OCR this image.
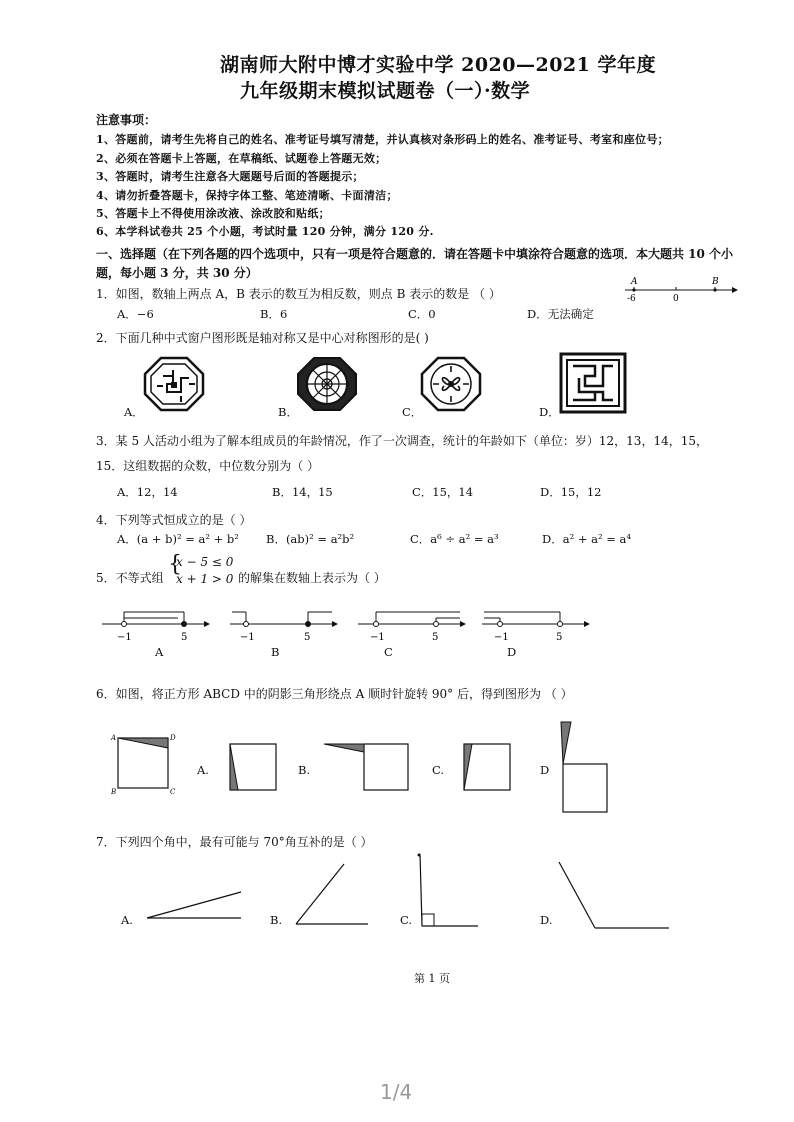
湖南师大附中博才实验中学 2020—2021 学年度
九年级期末模拟试题卷（一）·数学
注意事项：
1、答题前，请考生先将自己的姓名、准考证号填写清楚，并认真核对条形码上的姓名、准考证号、考室和座位号；
2、必须在答题卡上答题，在草稿纸、试题卷上答题无效；
3、答题时，请考生注意各大题题号后面的答题提示；
4、请勿折叠答题卡，保持字体工整、笔迹清晰、卡面清洁；
5、答题卡上不得使用涂改液、涂改胶和贴纸；
6、本学科试卷共 25 个小题，考试时量 120 分钟，满分 120 分.
一、选择题（在下列各题的四个选项中，只有一项是符合题意的．请在答题卡中填涂符合题意的选项．本大题共 10 个小
题，每小题 3 分，共 30 分）
1．如图，数轴上两点 A，B 表示的数互为相反数，则点 B 表示的数是 （ ）
A	B
-6	0
A．−6	B．6	C．0	D．无法确定
2．下面几种中式窗户图形既是轴对称又是中心对称图形的是( )
A．	B．	C．	D．
3．某 5 人活动小组为了解本组成员的年龄情况，作了一次调查，统计的年龄如下（单位：岁）12，13，14，15，
15．这组数据的众数，中位数分别为（ ）
A．12，14	B．14，15	C．15，14	D．15，12
4．下列等式恒成立的是（ ）
A．(a + b)² = a² + b² B．(ab)² = a²b²	C．a⁶ ÷ a² = a³	D．a² + a² = a⁴
5．不等式组
{
x − 5 ≤ 0
x + 1 > 0 的解集在数轴上表示为（ ）
−1	5
A
−1	5
B
−1	5
C
−1	5
D
6．如图，将正方形 ABCD 中的阴影三角形绕点 A 顺时针旋转 90° 后，得到图形为 （ ）
A	D
B	C
A.	B.	C.	D
7．下列四个角中，最有可能与 70°角互补的是（ ）
A.	B.	C.	D.
第 1 页
1/4
